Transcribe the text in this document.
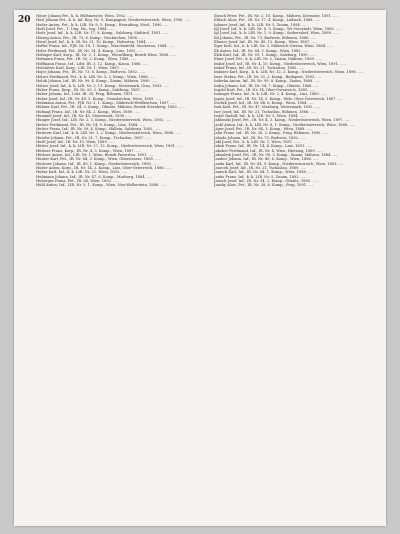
20 Höser Johann Pet., k. k. Hilfsmeister, Wien, 1902. .....

Hösl Johann Pet., k. k. Inf. Reg. Nr. 9, Kompagnie, Niederösterreich, Wien, 1908. .....

Hoder Anton, Pet., k. k. LIR. Nr. 8, 5. Komp., Heraubing, Nied., 1890. .....

Hodl Josef, Pet., 1. Ung. Hs., Ing. 1884. .....

Hodr Josef, Inf., k. k. LIR. Nr. 17, 8. Komp., Salzburg, Südtirol, 1891. .....

Hörnig Anton, Pet., IR. 73, 6. Komp., Neukirchen, 1896. .....

Hörnl Josef, Inf., k. k. IR. Nr. 21, 10. Komp., Hoharten, 1884. .....

Hoffer Franz, Inf., FJB. Nr. 18, 1. Komp., Marchenfeld, Stockerau, 1884. .....

Hofer Ferdinand, Pet., IR. Nr. 14, 4. Komp., Linz, 1892. .....

Hofinger Karl, Korp., IR. Nr. 2, 1. Komp., Wieselburg, Bezirk Wien, 1888. .....

Hofmann Franz, Pet., IR. 50, 2. Komp., Wien, 1888. .....

Hoffmann Franz, Inf., Ldst. IR. 3, 12. Komp., Kassa, 1886. .....

Hofstätter Karl, Korp., LIR. Nr. 1, Wien, 1887. .....

Hojer Johann, Pet., IR. Nr. 73, 6. Komp., Budweis, 1892. .....

Holzer Ferdinand, Pet., k. k. LIR. Nr. 5, 2. Komp., Wien, 1886. .....

Holub Johann, Inf., IR. Nr. 99, 4. Komp., Znaim, Mähren, 1890. .....

Holzer Josef, Inf., k. k. LIR. Nr. 3, 11. Komp., Steiermark, Graz, 1893. .....

Huber Franz, Korp., IR. Nr. 59, 2. Komp., Salzburg, 1887. .....

Huber Johann, Inf., Ldst. IR. 28, Prag, Böhmen, 1891. .....

Huber Josef, Inf., IR. Nr. 49, 5. Komp., Neunkirchen, Wien, 1889. .....

Hubmann Anton, Pet., FJB. Nr. 3, 1. Komp., Mährisch-Weißkirchen, 1897. .....

Hübner Karl, Pet., IR. 54, 3. Komp., Olmütz, Mähren, Bezirk Sternberg, 1882. .....

Hufnagl Franz, Inf., IR. Nr. 84, 2. Komp., Wien, 1889. .....

Hummel Josef, Inf., IR. Nr. 45, Steiermark, 1890. .....

Hunger Josef, Inf., LIR. Nr. 2, 3. Komp., Niederösterreich, Wien, 1892. .....

Hutter Ferdinand, Pet., IR. Nr. 14, 9. Komp., Linz, 1884. .....

Hutter Franz, Inf., IR. Nr. 59, 4. Komp., Hallein, Salzburg, 1883. .....

Hutterer Karl, Inf., k. k. LIR. Nr. 1, 2. Komp., Niederösterreich, Wien, 1888. .....

Hutzler Johann, Pet., IR. Nr. 21, 7. Komp., Tschaslau, 1887. .....

Huttl Josef, Inf., IR. Nr. 10, Wien, 1889. .....

Hütter Josef, Inf., k. k. LIR. Nr. 27, 12. Komp., Niederösterreich, Wien, 1891. .....

Hüttner Franz, Korp., IR. Nr. 4, 5. Komp., Wien, 1887. .....

Hüttner Anton, Inf., LIR. Nr. 1, Wien, Bezirk Favoriten, 1891. .....

Hunter Karl, Pet., IR. Nr. 84, 3. Komp., Wien, Oberstrasse, 1885. .....

Hutterer Johann, Inf., IR. 49, 1. Komp., Niederösterreich, 1890. .....

Huber Anton, Korp., IR. Nr. 14, 2. Komp., Linz, Ober-Österreich, 1886. .....

Huber Karl, Inf., k. k. LIR. Nr. 21, Wien, 1893. .....

Hubmann Johann, Inf., IR. Nr. 47, 6. Komp., Marburg, 1884. .....

Huberger Franz, Pet., IR. 84, Wien, 1892. .....

Hübl Anton, Inf., LIR. Nr. 5, 1. Komp., Wien, Neu-Wallerstein, 1888. .....

Ihrach Peter, Pet., IR. Nr. 2, 10. Komp., Mähren, Kremsier, 1891. .....

Illitsch Alois, Pet., IR. Nr. 17, 4. Komp., Laibach, 1888. .....

Iglauer Josef, Inf., k. k. LIR. Nr. 5, Znaim, 1894. .....

Igl Josef, Inf., k. k. LIR. Nr. 8, 5. Komp., Wr.-Neustadt, Wien, 1885. .....

Igl Josef, Inf., k. k. LIR. Nr. 1, 9. Komp., Seibersdorf, Wien, 1889. .....

Ihl Johann, Pet., IR. Nr. 73, Budweis, Böhmen, 1886. .....

Ilbauer Josef, Inf., IR. Nr. 49, 12. Komp., Wien, 1887. .....

Ilger Karl, Inf., k. k. LIR. Nr. 3, Mährisch-Ostrau, Wien, 1884. .....

Ilk Anton, Inf., IR. Nr. 84, 3. Komp., Wien, 1882. .....

Illek Karl, Inf., IR. Nr. 59, 1. Komp., Salzburg, 1890. .....

Illner Josef, Pet., k. k. LIR. Nr. 2, Znaim, Mähren, 1889. .....

Imhof Josef, Inf., IR. Nr. 4, 10. Komp., Niederösterreich, Wien, 1891. .....

Imhof Franz, Inf., IR. Nr. 21, Tschaslau, 1885. .....

Imlauer Karl, Korp., k. k. LIR. Nr. 12, 3. Komp., Niederösterreich, Wien, 1898. .....

Imre Stefan, Pet., IR. Nr. 32, 2. Komp., Budapest, 1893. .....

Inderka Anton, Inf., IR. Nr. 99, 8. Komp., Znaim, 1888. .....

Indra Johann, Inf., IR. Nr. 54, 7. Komp., Olmütz, 1886. .....

Ingold Karl, Pet., IR. Nr. 14, Ober-Österreich, 1885. .....

Inninger Franz, Inf., k. k. LIR. Nr. 2, 4. Komp., Linz, 1889. .....

Ippen Josef, Inf., IR. Nr. 14, 5. Komp., Wels, Ober-Österreich, 1887. .....

Irschik Josef, Inf., IR. Nr. 84, 6. Komp., Wien, 1884. .....

Isak Karl, Pet., IR. Nr. 47, Marburg, Steiermark, 1892. .....

Iser Josef, Inf., IR. Nr. 21, Tschaslau, Böhmen, 1886. .....

Issler Rudolf, Inf., k. k. LIR. Nr. 5, Wien, 1894. .....

Jablonski Josef, Pet., IR. Nr. 4, 3. Komp., Niederösterreich, Wien, 1897. .....

Jackl Anton, Inf., k. k. LIR. Nr. 8, 1. Komp., Niederösterreich, Wien, 1888. .....

Jäger Josef, Pet., IR. Nr. 84, 3. Komp., Wien, 1889. .....

Jahn Franz, Inf., IR. Nr. 28, 2. Komp., Prag, Böhmen, 1890. .....

Jahoda Johann, Inf., IR. Nr. 73, Budweis, 1882. .....

Jakl Josef, Pet., k. k. LIR. Nr. 1, Wien, 1887. .....

Jakob Franz, Inf., IR. Nr. 14, 4. Komp., Linz, 1891. .....

Jakober Ferdinand, Inf., IR. Nr. 4, Wien, Hietzing, 1889. .....

Jakoubek Josef, Pet., IR. Nr. 99, 3. Komp., Znaim, Mähren, 1884. .....

Jambor Johann, Inf., IR. Nr. 49, 6. Komp., Wien, 1886. .....

Janda Karl, Inf., IR. Nr. 84, 9. Komp., Niederösterreich, Wien, 1893. .....

Janecek Josef, Inf., IR. Nr. 21, Tschaslau, 1889. .....

Janisch Karl, Inf., IR. Nr. 84, 1. Komp., Wien, 1888. .....

Janko Franz, Inf., k. k. LIR. Nr. 5, Znaim, 1892. .....

Janoch Josef, Inf., IR. Nr. 54, 2. Komp., Olmütz, 1885. .....

Jansky Alois, Pet., IR. Nr. 28, 6. Komp., Prag, 1891. .....
